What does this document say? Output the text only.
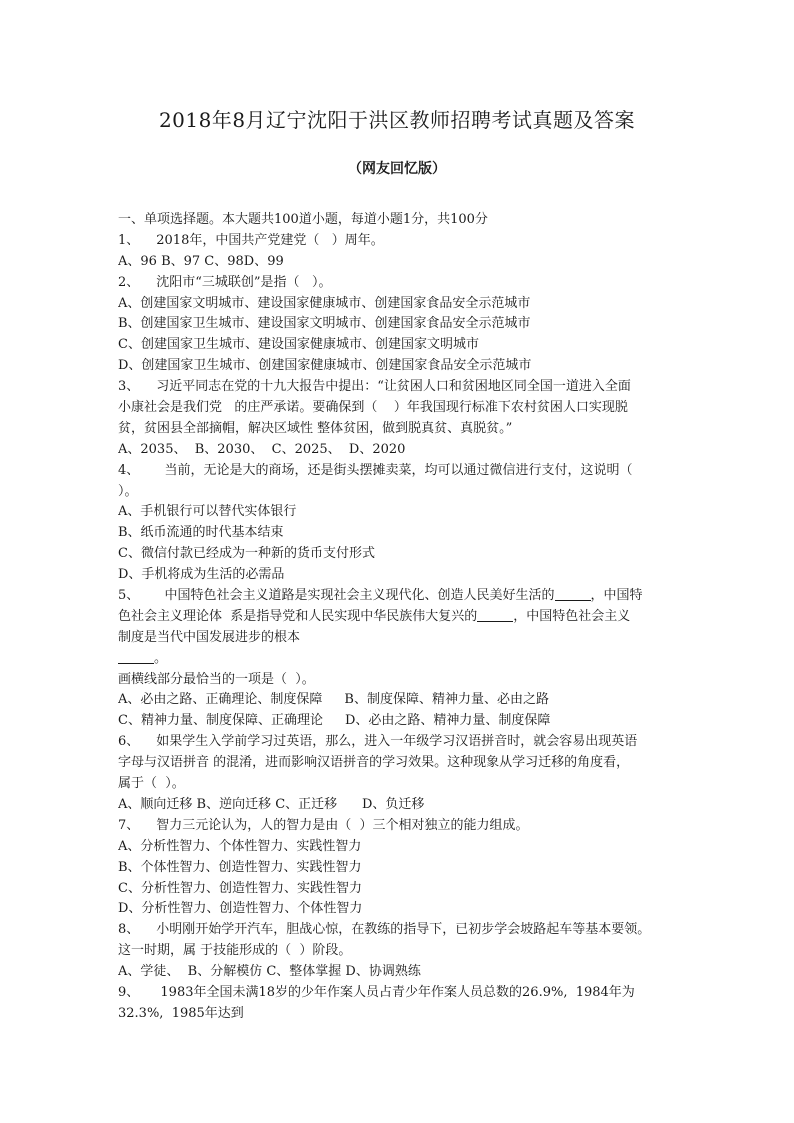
2018年8月辽宁沈阳于洪区教师招聘考试真题及答案
（网友回忆版）
一、单项选择题。本大题共100道小题，每道小题1分，共100分
1、  2018年，中国共产党建党（   ）周年。
A、96 B、97 C、98D、99
2、  沈阳市“三城联创”是指（   ）。
A、创建国家文明城市、建设国家健康城市、创建国家食品安全示范城市
B、创建国家卫生城市、建设国家文明城市、创建国家食品安全示范城市
C、创建国家卫生城市、建设国家健康城市、创建国家文明城市
D、创建国家卫生城市、创建国家健康城市、创建国家食品安全示范城市
3、  习近平同志在党的十九大报告中提出：“让贫困人口和贫困地区同全国一道进入全面
小康社会是我们党   的庄严承诺。要确保到（    ）年我国现行标准下农村贫困人口实现脱
贫，贫困县全部摘帽，解决区域性 整体贫困，做到脱真贫、真脱贫。”
A、2035、  B、2030、  C、2025、  D、2020
4、    当前，无论是大的商场，还是街头摆摊卖菜，均可以通过微信进行支付，这说明（
）。
A、手机银行可以替代实体银行
B、纸币流通的时代基本结束
C、微信付款已经成为一种新的货币支付形式
D、手机将成为生活的必需品
5、    中国特色社会主义道路是实现社会主义现代化、创造人民美好生活的	，中国特
色社会主义理论体  系是指导党和人民实现中华民族伟大复兴的	，中国特色社会主义
制度是当代中国发展进步的根本
。
画横线部分最恰当的一项是（  ）。
A、必由之路、正确理论、制度保障 B、制度保障、精神力量、必由之路
C、精神力量、制度保障、正确理论 D、必由之路、精神力量、制度保障
6、  如果学生入学前学习过英语，那么，进入一年级学习汉语拼音时，就会容易出现英语
字母与汉语拼音 的混淆，进而影响汉语拼音的学习效果。这种现象从学习迁移的角度看，
属于（  ）。
A、顺向迁移 B、逆向迁移 C、正迁移      D、负迁移
7、  智力三元论认为，人的智力是由（  ）三个相对独立的能力组成。
A、分析性智力、个体性智力、实践性智力
B、个体性智力、创造性智力、实践性智力
C、分析性智力、创造性智力、实践性智力
D、分析性智力、创造性智力、个体性智力
8、  小明刚开始学开汽车，胆战心惊，在教练的指导下，已初步学会坡路起车等基本要领。
这一时期，属 于技能形成的（  ）阶段。
A、学徒、  B、分解模仿 C、整体掌握 D、协调熟练
9、   1983年全国未满18岁的少年作案人员占青少年作案人员总数的26.9%,  1984年为
32.3%,  1985年达到
